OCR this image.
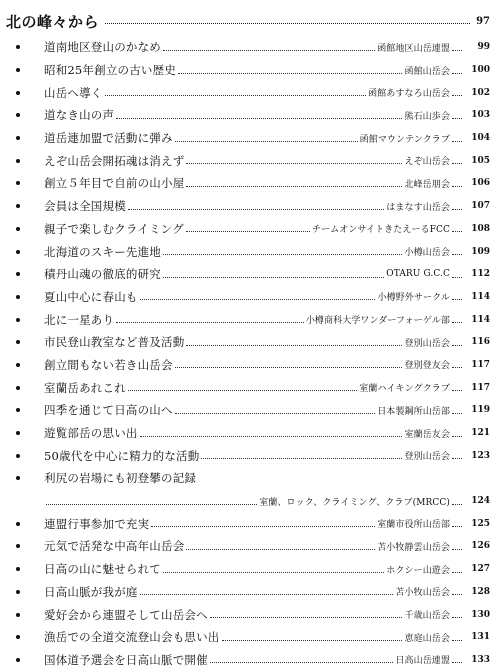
北の峰々から	97
道南地区登山のかなめ	函館地区山岳連盟	99
昭和25年創立の古い歴史	函館山岳会	100
山岳へ導く	函館あすなろ山岳会	102
道なき山の声	熊石山歩会	103
道岳連加盟で活動に弾み	函館マウンテンクラブ	104
えぞ山岳会開拓魂は消えず	えぞ山岳会	105
創立５年目で自前の山小屋	北峰岳朋会	106
会員は全国規模	はまなす山岳会	107
親子で楽しむクライミング	チームオンサイトきたえーるFCC	108
北海道のスキー先進地	小樽山岳会	109
積丹山魂の徹底的研究	OTARU G.C.C	112
夏山中心に春山も	小樽野外サークル	114
北に一星あり	小樽商科大学ワンダーフォーゲル部	114
市民登山教室など普及活動	登別山岳会	116
創立間もない若き山岳会	登別登友会	117
室蘭岳あれこれ	室蘭ハイキングクラブ	117
四季を通じて日高の山へ	日本製鋼所山岳部	119
遊覧部岳の思い出	室蘭岳友会	121
50歳代を中心に精力的な活動	登別山岳会	123
利尻の岩場にも初登攀の記録
室蘭、ロック、クライミング、クラブ(MRCC)	124
連盟行事参加で充実	室蘭市役所山岳部	125
元気で活発な中高年山岳会	苫小牧静雲山岳会	126
日高の山に魅せられて	ホクシー山遊会	127
日高山脈が我が庭	苫小牧山岳会	128
愛好会から連盟そして山岳会へ	千歳山岳会	130
漁岳での全道交流登山会も思い出	恵庭山岳会	131
国体道予選会を日高山脈で開催	日高山岳連盟	133
